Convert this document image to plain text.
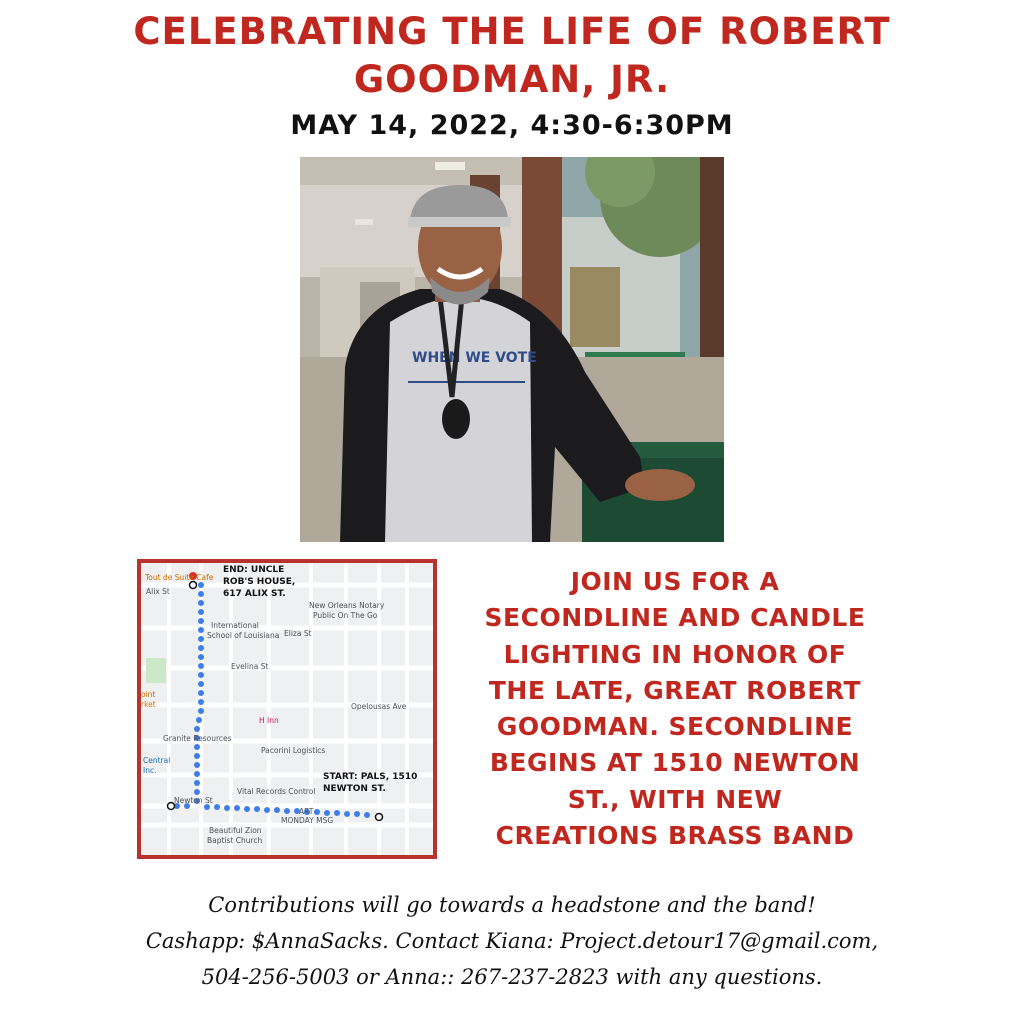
CELEBRATING THE LIFE OF ROBERT
GOODMAN, JR.
MAY 14, 2022, 4:30-6:30PM
WHEN WE VOTE
END: UNCLE
ROB'S HOUSE,
617 ALIX ST.
START: PALS, 1510
NEWTON ST.
Tout de Suite Cafe
Alix St
New Orleans Notary
Public On The Go
Eliza St
International
School of Louisiana
Evelina St
oint
rket	Opelousas Ave
H Inn
Granite Resources
Pacorini Logistics
Central
Inc.
Vital Records Control
Newton St
ART
MONDAY MSG
Beautiful Zion
Baptist Church
JOIN US FOR A
SECONDLINE AND CANDLE
LIGHTING IN HONOR OF
THE LATE, GREAT ROBERT
GOODMAN. SECONDLINE
BEGINS AT 1510 NEWTON
ST., WITH NEW
CREATIONS BRASS BAND
Contributions will go towards a headstone and the band!
Cashapp: $AnnaSacks. Contact Kiana: Project.detour17@gmail.com,
504-256-5003 or Anna:: 267-237-2823 with any questions.
